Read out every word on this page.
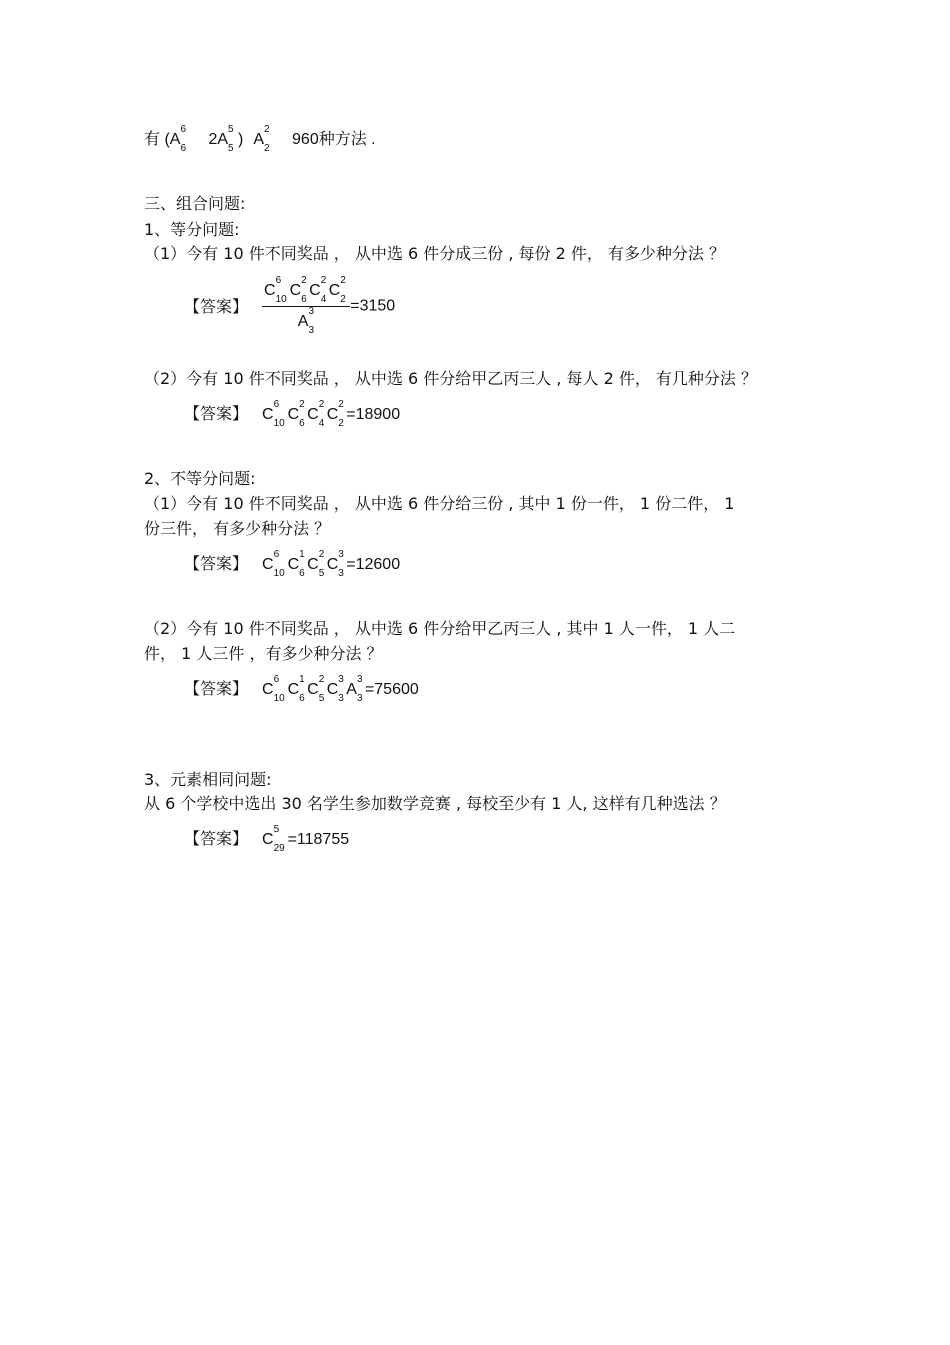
有 (A
6
6
2A
5
5
) A
2
2
960种方法 .
三、组合问题:
1、等分问题:
（1）今有 10 件不同奖品 ， 从中选 6 件分成三份 , 每份 2 件， 有多少种分法 ？
【答案】 C
6
10
C
2
6
C
2
4
C
2
2
A
3
3 =3150
（2）今有 10 件不同奖品 ， 从中选 6 件分给甲乙丙三人 , 每人 2 件， 有几种分法 ？
【答案】 C
6
10
C
2
6
C
2
4
C
2
2
=18900
2、不等分问题:
（1）今有 10 件不同奖品 ， 从中选 6 件分给三份 , 其中 1 份一件， 1 份二件， 1
份三件， 有多少种分法 ？
【答案】 C
6
10
C
1
6
C
2
5
C
3
3
=12600
（2）今有 10 件不同奖品 ， 从中选 6 件分给甲乙丙三人 , 其中 1 人一件， 1 人二
件， 1 人三件 ，有多少种分法 ？
【答案】 C
6
10
C
1
6
C
2
5
C
3
3
A
3
3
=75600
3、元素相同问题:
从 6 个学校中选出 30 名学生参加数学竞赛 , 每校至少有 1 人, 这样有几种选法 ？
【答案】 C
5
29
=118755
